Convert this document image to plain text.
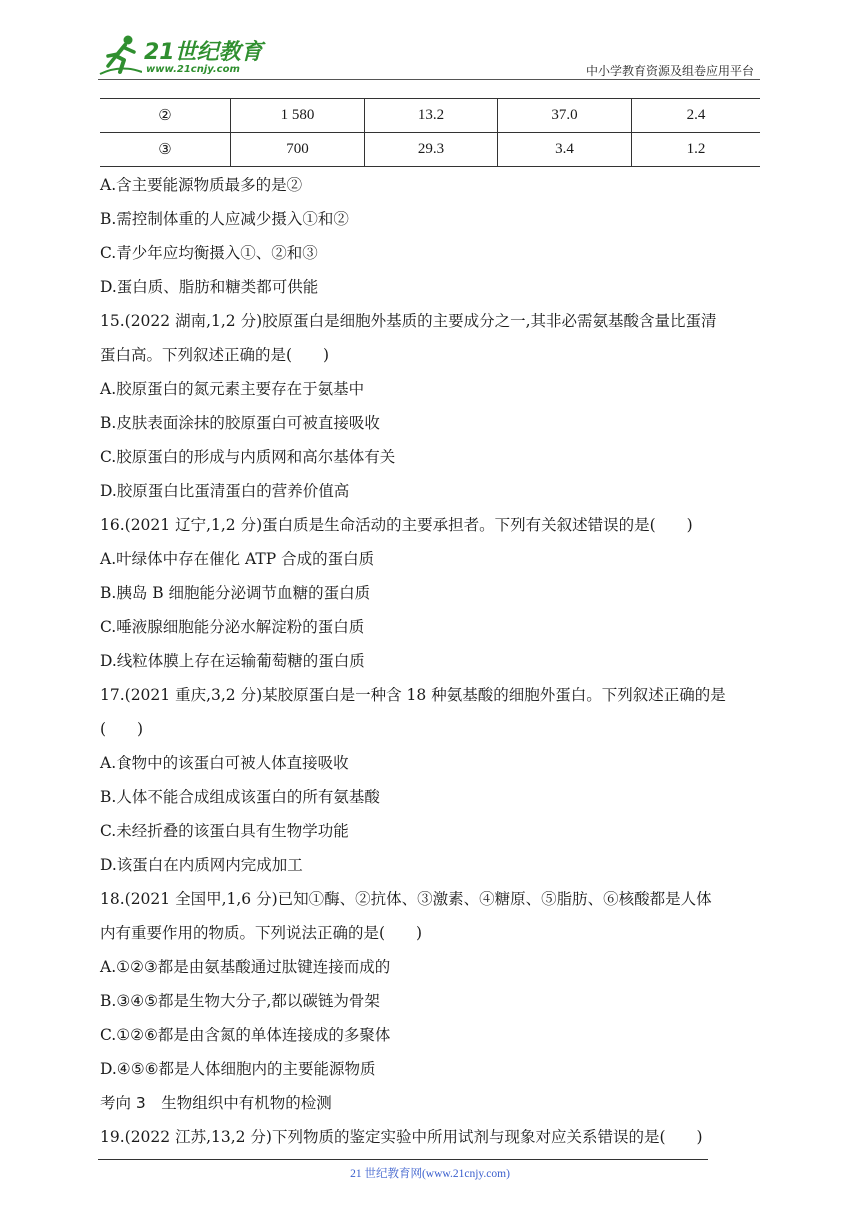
21世纪教育
www.21cnjy.com	中小学教育资源及组卷应用平台
②	1 580	13.2	37.0	2.4
③	700	29.3	3.4	1.2
A.含主要能源物质最多的是②
B.需控制体重的人应减少摄入①和②
C.青少年应均衡摄入①、②和③
D.蛋白质、脂肪和糖类都可供能
15.(2022 湖南,1,2 分)胶原蛋白是细胞外基质的主要成分之一,其非必需氨基酸含量比蛋清
蛋白高。下列叙述正确的是(　　)
A.胶原蛋白的氮元素主要存在于氨基中
B.皮肤表面涂抹的胶原蛋白可被直接吸收
C.胶原蛋白的形成与内质网和高尔基体有关
D.胶原蛋白比蛋清蛋白的营养价值高
16.(2021 辽宁,1,2 分)蛋白质是生命活动的主要承担者。下列有关叙述错误的是(　　)
A.叶绿体中存在催化 ATP 合成的蛋白质
B.胰岛 B 细胞能分泌调节血糖的蛋白质
C.唾液腺细胞能分泌水解淀粉的蛋白质
D.线粒体膜上存在运输葡萄糖的蛋白质
17.(2021 重庆,3,2 分)某胶原蛋白是一种含 18 种氨基酸的细胞外蛋白。下列叙述正确的是
(　　)
A.食物中的该蛋白可被人体直接吸收
B.人体不能合成组成该蛋白的所有氨基酸
C.未经折叠的该蛋白具有生物学功能
D.该蛋白在内质网内完成加工
18.(2021 全国甲,1,6 分)已知①酶、②抗体、③激素、④糖原、⑤脂肪、⑥核酸都是人体
内有重要作用的物质。下列说法正确的是(　　)
A.①②③都是由氨基酸通过肽键连接而成的
B.③④⑤都是生物大分子,都以碳链为骨架
C.①②⑥都是由含氮的单体连接成的多聚体
D.④⑤⑥都是人体细胞内的主要能源物质
考向 3　生物组织中有机物的检测
19.(2022 江苏,13,2 分)下列物质的鉴定实验中所用试剂与现象对应关系错误的是(　　)
21 世纪教育网(www.21cnjy.com)
